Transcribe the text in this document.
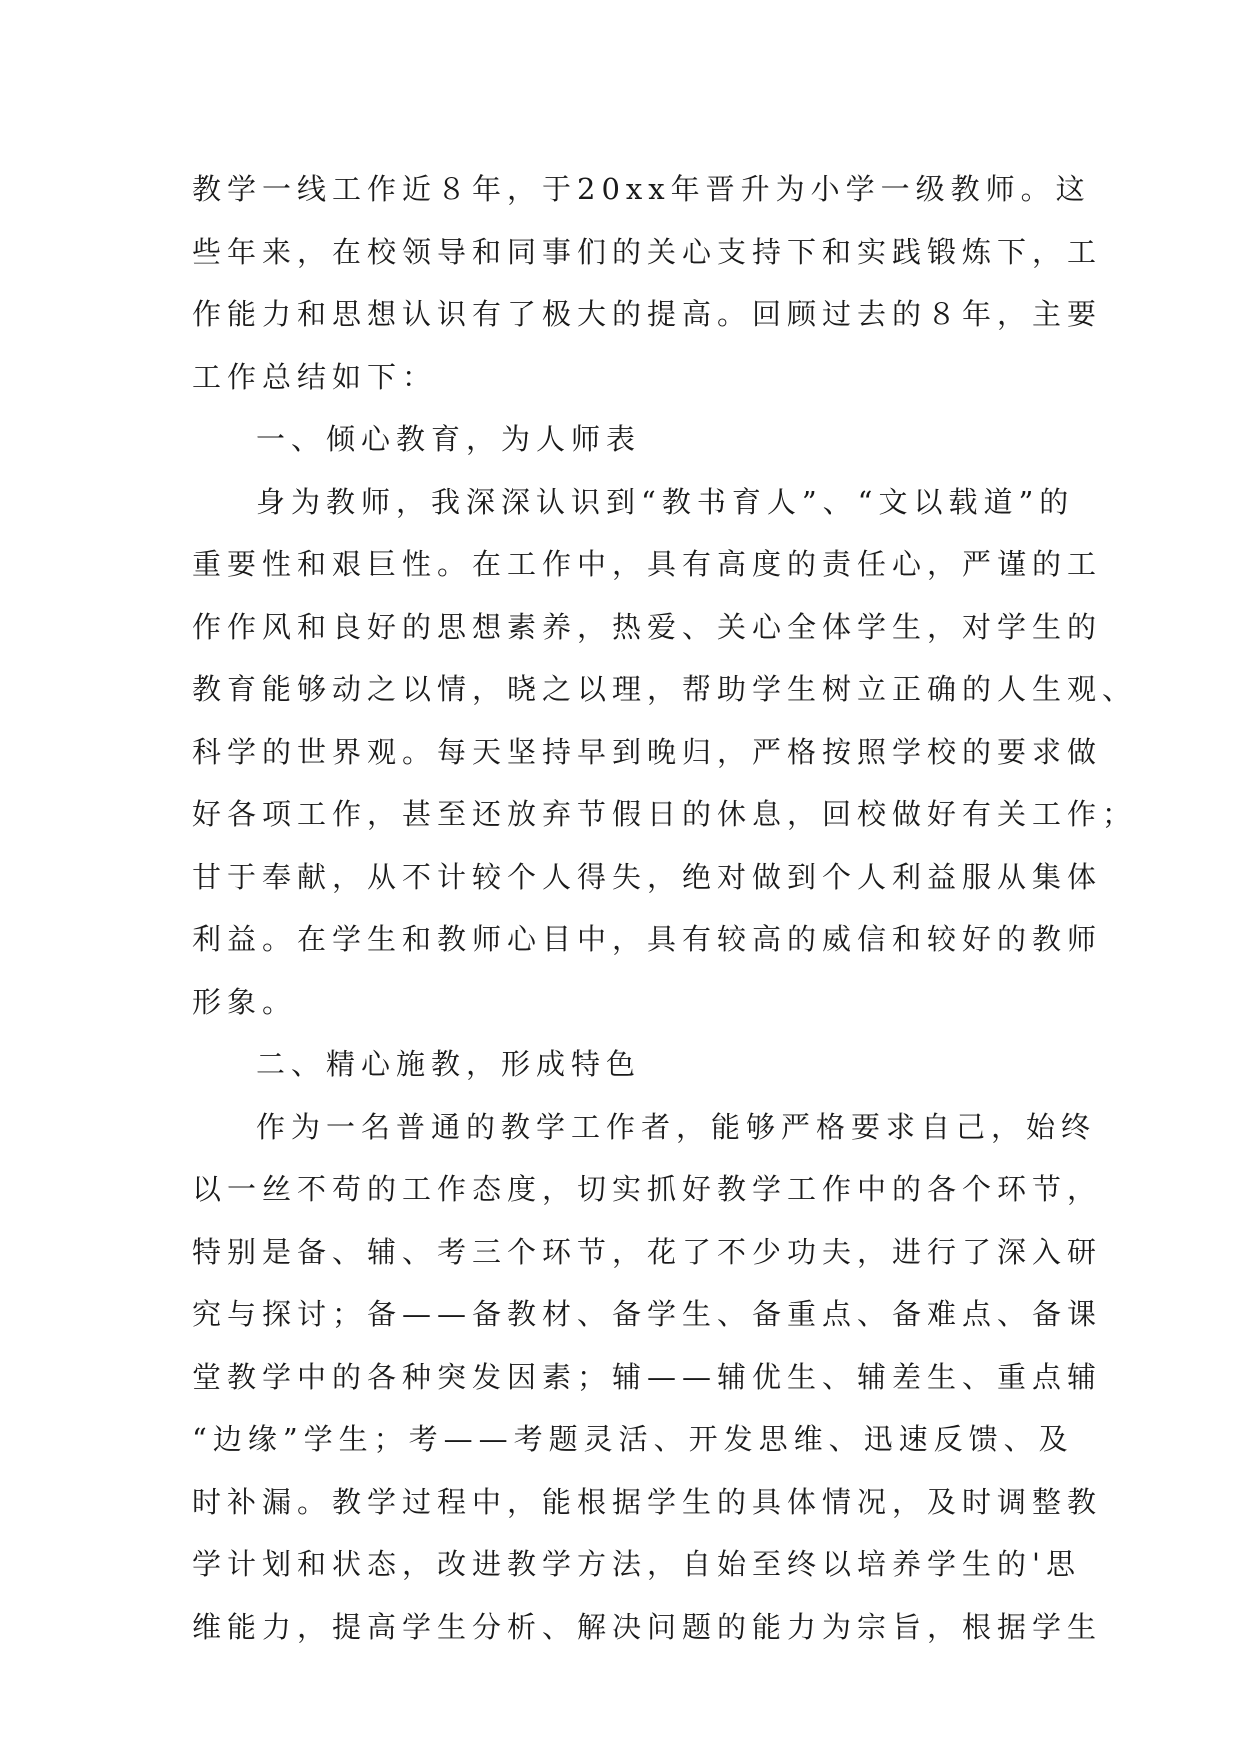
教学一线工作近８年，于20xx年晋升为小学一级教师。这
些年来，在校领导和同事们的关心支持下和实践锻炼下，工
作能力和思想认识有了极大的提高。回顾过去的８年，主要
工作总结如下：
一、倾心教育，为人师表
身为教师，我深深认识到“教书育人”、“文以载道”的
重要性和艰巨性。在工作中，具有高度的责任心，严谨的工
作作风和良好的思想素养，热爱、关心全体学生，对学生的
教育能够动之以情，晓之以理，帮助学生树立正确的人生观、
科学的世界观。每天坚持早到晚归，严格按照学校的要求做
好各项工作，甚至还放弃节假日的休息，回校做好有关工作；
甘于奉献，从不计较个人得失，绝对做到个人利益服从集体
利益。在学生和教师心目中，具有较高的威信和较好的教师
形象。
二、精心施教，形成特色
作为一名普通的教学工作者，能够严格要求自己，始终
以一丝不苟的工作态度，切实抓好教学工作中的各个环节，
特别是备、辅、考三个环节，花了不少功夫，进行了深入研
究与探讨；备——备教材、备学生、备重点、备难点、备课
堂教学中的各种突发因素；辅——辅优生、辅差生、重点辅
“边缘”学生；考——考题灵活、开发思维、迅速反馈、及
时补漏。教学过程中，能根据学生的具体情况，及时调整教
学计划和状态，改进教学方法，自始至终以培养学生的'思
维能力，提高学生分析、解决问题的能力为宗旨，根据学生
